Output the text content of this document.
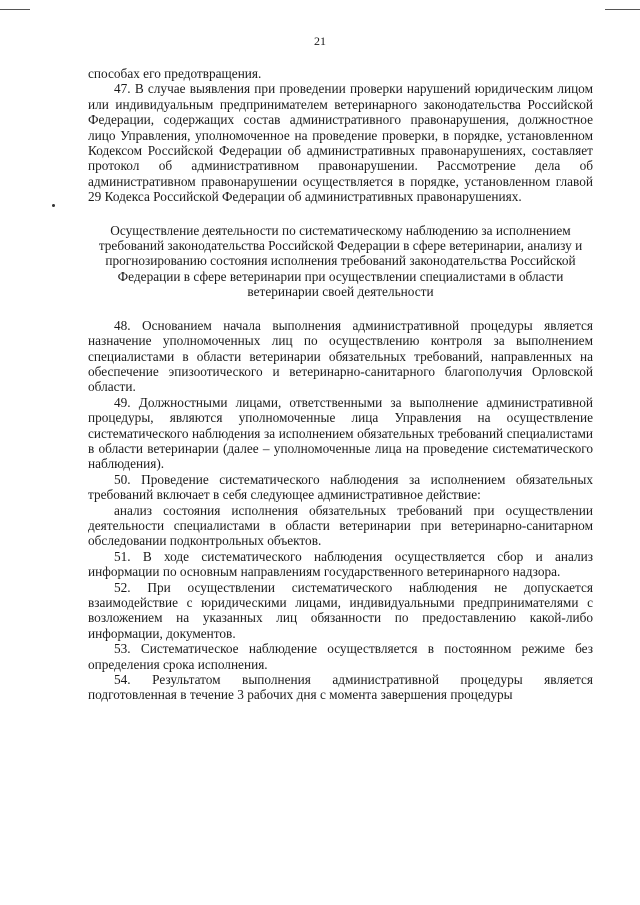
21

способах его предотвращения.

47. В случае выявления при проведении проверки нарушений юридическим лицом или индивидуальным предпринимателем ветеринарного законодательства Российской Федерации, содержащих состав административного правонарушения, должностное лицо Управления, уполномоченное на проведение проверки, в порядке, установленном Кодексом Российской Федерации об административных правонарушениях, составляет протокол об административном правонарушении. Рассмотрение дела об административном правонарушении осуществляется в порядке, установленном главой 29 Кодекса Российской Федерации об административных правонарушениях.

Осуществление деятельности по систематическому наблюдению за исполнением требований законодательства Российской Федерации в сфере ветеринарии, анализу и прогнозированию состояния исполнения требований законодательства Российской Федерации в сфере ветеринарии при осуществлении специалистами в области ветеринарии своей деятельности

48. Основанием начала выполнения административной процедуры является назначение уполномоченных лиц по осуществлению контроля за выполнением специалистами в области ветеринарии обязательных требований, направленных на обеспечение эпизоотического и ветеринарно-санитарного благополучия Орловской области.

49. Должностными лицами, ответственными за выполнение административной процедуры, являются уполномоченные лица Управления на осуществление систематического наблюдения за исполнением обязательных требований специалистами в области ветеринарии (далее – уполномоченные лица на проведение систематического наблюдения).

50. Проведение систематического наблюдения за исполнением обязательных требований включает в себя следующее административное действие:

анализ состояния исполнения обязательных требований при осуществлении деятельности специалистами в области ветеринарии при ветеринарно-санитарном обследовании подконтрольных объектов.

51. В ходе систематического наблюдения осуществляется сбор и анализ информации по основным направлениям государственного ветеринарного надзора.

52. При осуществлении систематического наблюдения не допускается взаимодействие с юридическими лицами, индивидуальными предпринимателями с возложением на указанных лиц обязанности по предоставлению какой-либо информации, документов.

53. Систематическое наблюдение осуществляется в постоянном режиме без определения срока исполнения.

54. Результатом выполнения административной процедуры является подготовленная в течение 3 рабочих дня с момента завершения процедуры
